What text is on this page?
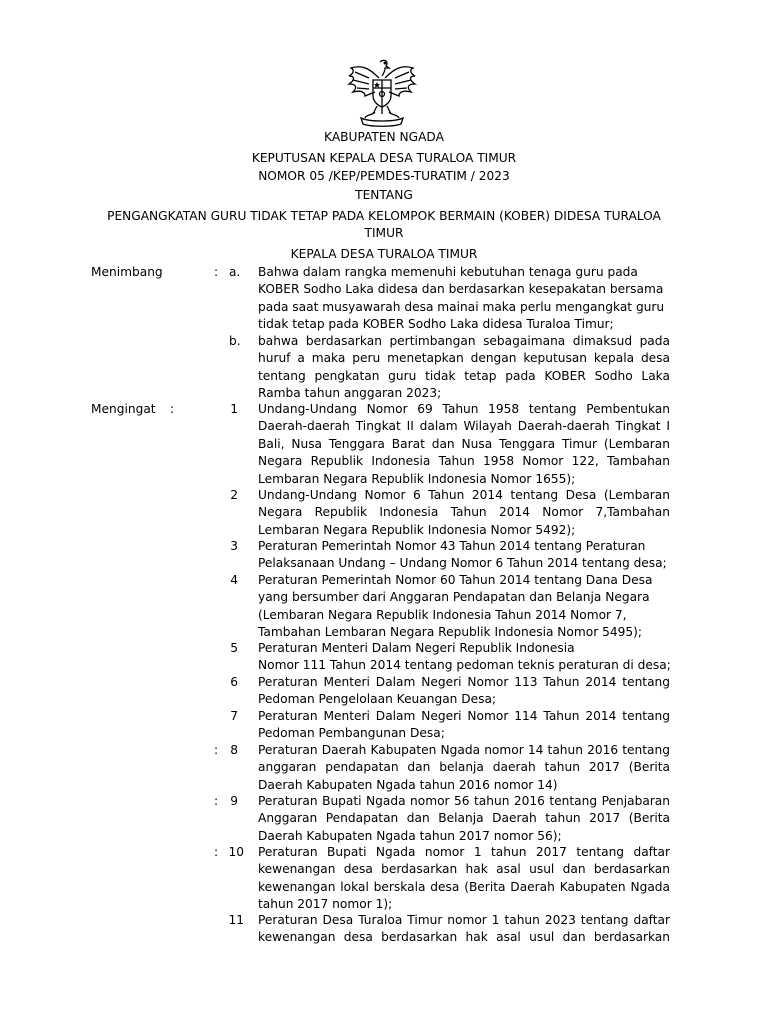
KABUPATEN NGADA
KEPUTUSAN KEPALA DESA TURALOA TIMUR
NOMOR 05 /KEP/PEMDES-TURATIM / 2023
TENTANG
PENGANGKATAN GURU TIDAK TETAP PADA KELOMPOK BERMAIN (KOBER) DIDESA TURALOA
TIMUR
KEPALA DESA TURALOA TIMUR
Menimbang	: a. Bahwa dalam rangka memenuhi kebutuhan tenaga guru pada
KOBER Sodho Laka didesa dan berdasarkan kesepakatan bersama
pada saat musyawarah desa mainai maka perlu mengangkat guru
tidak tetap pada KOBER Sodho Laka didesa Turaloa Timur;
b. bahwa berdasarkan pertimbangan sebagaimana dimaksud pada
huruf a maka peru menetapkan dengan keputusan kepala desa
tentang pengkatan guru tidak tetap pada KOBER Sodho Laka
Ramba tahun anggaran 2023;
Mengingat :	1 Undang-Undang Nomor 69 Tahun 1958 tentang Pembentukan
Daerah-daerah Tingkat II dalam Wilayah Daerah-daerah Tingkat I
Bali, Nusa Tenggara Barat dan Nusa Tenggara Timur (Lembaran
Negara Republik Indonesia Tahun 1958 Nomor 122, Tambahan
Lembaran Negara Republik Indonesia Nomor 1655);
2 Undang-Undang Nomor 6 Tahun 2014 tentang Desa (Lembaran
Negara Republik Indonesia Tahun 2014 Nomor 7,Tambahan
Lembaran Negara Republik Indonesia Nomor 5492);
3 Peraturan Pemerintah Nomor 43 Tahun 2014 tentang Peraturan
Pelaksanaan Undang – Undang Nomor 6 Tahun 2014 tentang desa;
4 Peraturan Pemerintah Nomor 60 Tahun 2014 tentang Dana Desa
yang bersumber dari Anggaran Pendapatan dan Belanja Negara
(Lembaran Negara Republik Indonesia Tahun 2014 Nomor 7,
Tambahan Lembaran Negara Republik Indonesia Nomor 5495);
5 Peraturan Menteri Dalam Negeri Republik Indonesia
Nomor 111 Tahun 2014 tentang pedoman teknis peraturan di desa;
6 Peraturan Menteri Dalam Negeri Nomor 113 Tahun 2014 tentang
Pedoman Pengelolaan Keuangan Desa;
7 Peraturan Menteri Dalam Negeri Nomor 114 Tahun 2014 tentang
Pedoman Pembangunan Desa;
: 8 Peraturan Daerah Kabupaten Ngada nomor 14 tahun 2016 tentang
anggaran pendapatan dan belanja daerah tahun 2017 (Berita
Daerah Kabupaten Ngada tahun 2016 nomor 14)
: 9 Peraturan Bupati Ngada nomor 56 tahun 2016 tentang Penjabaran
Anggaran Pendapatan dan Belanja Daerah tahun 2017 (Berita
Daerah Kabupaten Ngada tahun 2017 nomor 56);
: 10 Peraturan Bupati Ngada nomor 1 tahun 2017 tentang daftar
kewenangan desa berdasarkan hak asal usul dan berdasarkan
kewenangan lokal berskala desa (Berita Daerah Kabupaten Ngada
tahun 2017 nomor 1);
11 Peraturan Desa Turaloa Timur nomor 1 tahun 2023 tentang daftar
kewenangan desa berdasarkan hak asal usul dan berdasarkan
